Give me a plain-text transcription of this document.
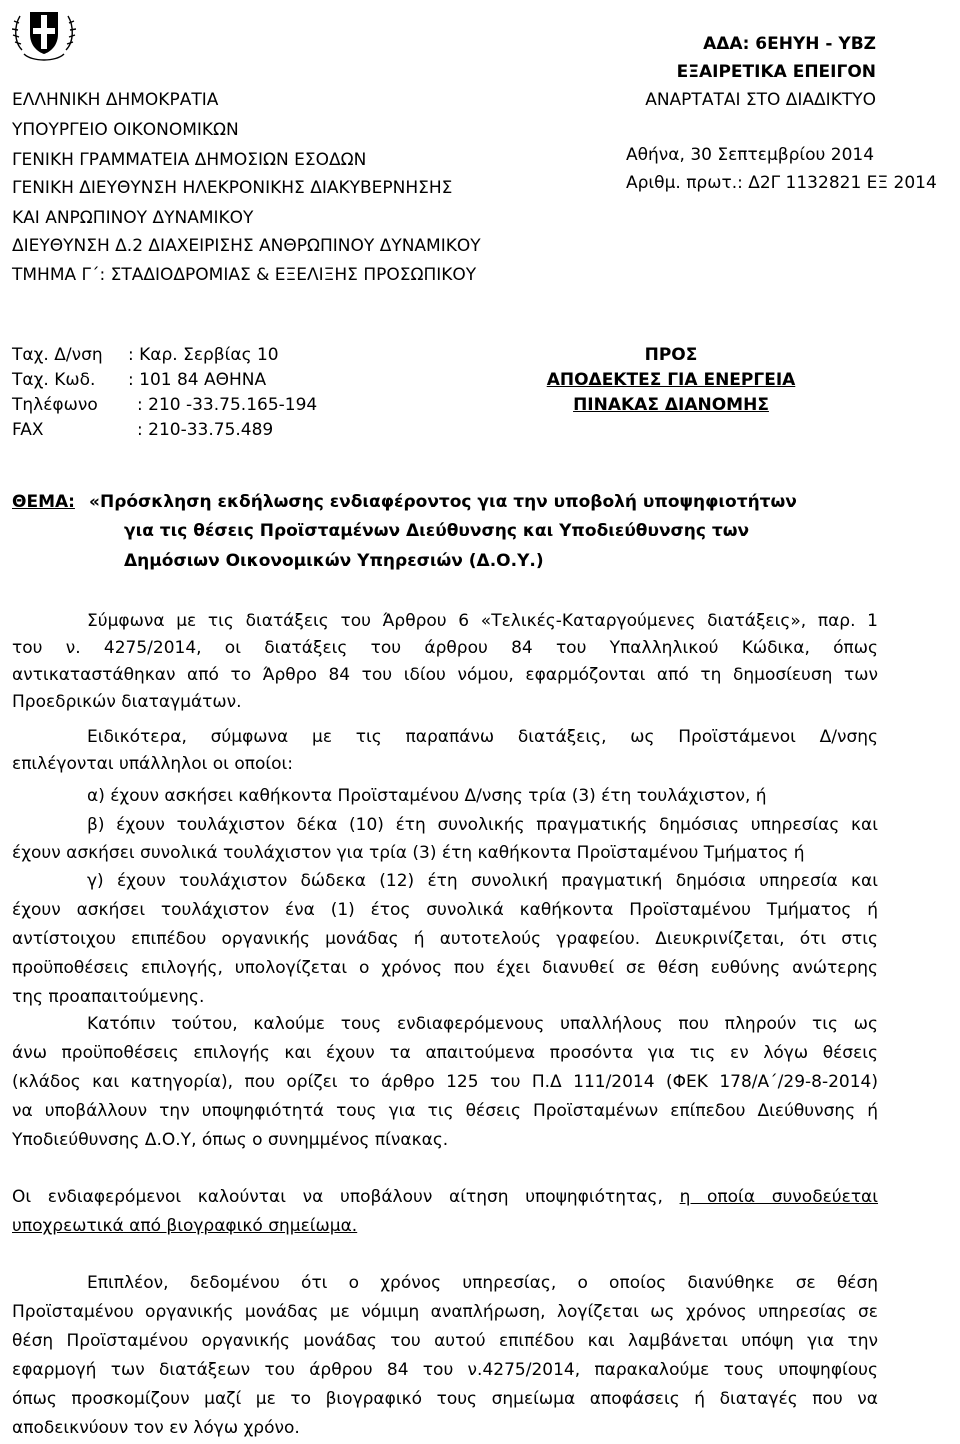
ΕΛΛΗΝΙΚΗ ΔΗΜΟΚΡΑΤΙΑ
ΥΠΟΥΡΓΕΙΟ ΟΙΚΟΝΟΜΙΚΩΝ
ΓΕΝΙΚΗ ΓΡΑΜΜΑΤΕΙΑ ΔΗΜΟΣΙΩΝ ΕΣΟΔΩΝ
ΓΕΝΙΚΗ ΔΙΕΥΘΥΝΣΗ ΗΛΕΚΡΟΝΙΚΗΣ ΔΙΑΚΥΒΕΡΝΗΣΗΣ
ΚΑΙ ΑΝΡΩΠΙΝΟΥ ΔΥΝΑΜΙΚΟΥ
ΔΙΕΥΘΥΝΣΗ Δ.2 ΔΙΑΧΕΙΡΙΣΗΣ ΑΝΘΡΩΠΙΝΟΥ ΔΥΝΑΜΙΚΟΥ
ΤΜΗΜΑ Γ΄: ΣΤΑΔΙΟΔΡΟΜΙΑΣ & ΕΞΕΛΙΞΗΣ ΠΡΟΣΩΠΙΚΟΥ
ΑΔΑ: 6ΕΗΥΗ - ΥΒΖ
ΕΞΑΙΡΕΤΙΚΑ ΕΠΕΙΓΟΝ
ΑΝΑΡΤΑΤΑΙ ΣΤΟ ΔΙΑΔΙΚΤΥΟ
Αθήνα, 30 Σεπτεμβρίου 2014
Αριθμ. πρωτ.: Δ2Γ 1132821 ΕΞ 2014
Ταχ. Δ/νση : Καρ. Σερβίας 10
Ταχ. Κωδ. : 101 84 ΑΘΗΝΑ
Τηλέφωνο : 210 -33.75.165-194
FAX	: 210-33.75.489
ΠΡΟΣ
ΑΠΟΔΕΚΤΕΣ ΓΙΑ ΕΝΕΡΓΕΙΑ
ΠΙΝΑΚΑΣ ΔΙΑΝΟΜΗΣ
ΘΕΜΑ: «Πρόσκληση εκδήλωσης ενδιαφέροντος για την υποβολή υποψηφιοτήτων
για τις θέσεις Προϊσταμένων Διεύθυνσης και Υποδιεύθυνσης των
Δημόσιων Οικονομικών Υπηρεσιών (Δ.Ο.Υ.)
Σύμφωνα με τις διατάξεις του Άρθρου 6 «Τελικές-Καταργούμενες διατάξεις», παρ. 1
του ν. 4275/2014, οι διατάξεις του άρθρου 84 του Υπαλληλικού Κώδικα, όπως
αντικαταστάθηκαν από το Άρθρο 84 του ιδίου νόμου, εφαρμόζονται από τη δημοσίευση των
Προεδρικών διαταγμάτων.
Ειδικότερα, σύμφωνα με τις παραπάνω διατάξεις, ως Προϊστάμενοι Δ/νσης
επιλέγονται υπάλληλοι οι οποίοι:
α) έχουν ασκήσει καθήκοντα Προϊσταμένου Δ/νσης τρία (3) έτη τουλάχιστον, ή
β) έχουν τουλάχιστον δέκα (10) έτη συνολικής πραγματικής δημόσιας υπηρεσίας και
έχουν ασκήσει συνολικά τουλάχιστον για τρία (3) έτη καθήκοντα Προϊσταμένου Τμήματος ή
γ) έχουν τουλάχιστον δώδεκα (12) έτη συνολική πραγματική δημόσια υπηρεσία και
έχουν ασκήσει τουλάχιστον ένα (1) έτος συνολικά καθήκοντα Προϊσταμένου Τμήματος ή
αντίστοιχου επιπέδου οργανικής μονάδας ή αυτοτελούς γραφείου. Διευκρινίζεται, ότι στις
προϋποθέσεις επιλογής, υπολογίζεται ο χρόνος που έχει διανυθεί σε θέση ευθύνης ανώτερης
της προαπαιτούμενης.
Κατόπιν τούτου, καλούμε τους ενδιαφερόμενους υπαλλήλους που πληρούν τις ως
άνω προϋποθέσεις επιλογής και έχουν τα απαιτούμενα προσόντα για τις εν λόγω θέσεις
(κλάδος και κατηγορία), που ορίζει το άρθρο 125 του Π.Δ 111/2014 (ΦΕΚ 178/Α΄/29-8-2014)
να υποβάλλουν την υποψηφιότητά τους για τις θέσεις Προϊσταμένων επίπεδου Διεύθυνσης ή
Υποδιεύθυνσης Δ.Ο.Υ, όπως ο συνημμένος πίνακας.
Οι ενδιαφερόμενοι καλούνται να υποβάλουν αίτηση υποψηφιότητας, η οποία συνοδεύεται
υποχρεωτικά από βιογραφικό σημείωμα.
Επιπλέον, δεδομένου ότι ο χρόνος υπηρεσίας, ο οποίος διανύθηκε σε θέση
Προϊσταμένου οργανικής μονάδας με νόμιμη αναπλήρωση, λογίζεται ως χρόνος υπηρεσίας σε
θέση Προϊσταμένου οργανικής μονάδας του αυτού επιπέδου και λαμβάνεται υπόψη για την
εφαρμογή των διατάξεων του άρθρου 84 του ν.4275/2014, παρακαλούμε τους υποψηφίους
όπως προσκομίζουν μαζί με το βιογραφικό τους σημείωμα αποφάσεις ή διαταγές που να
αποδεικνύουν τον εν λόγω χρόνο.
